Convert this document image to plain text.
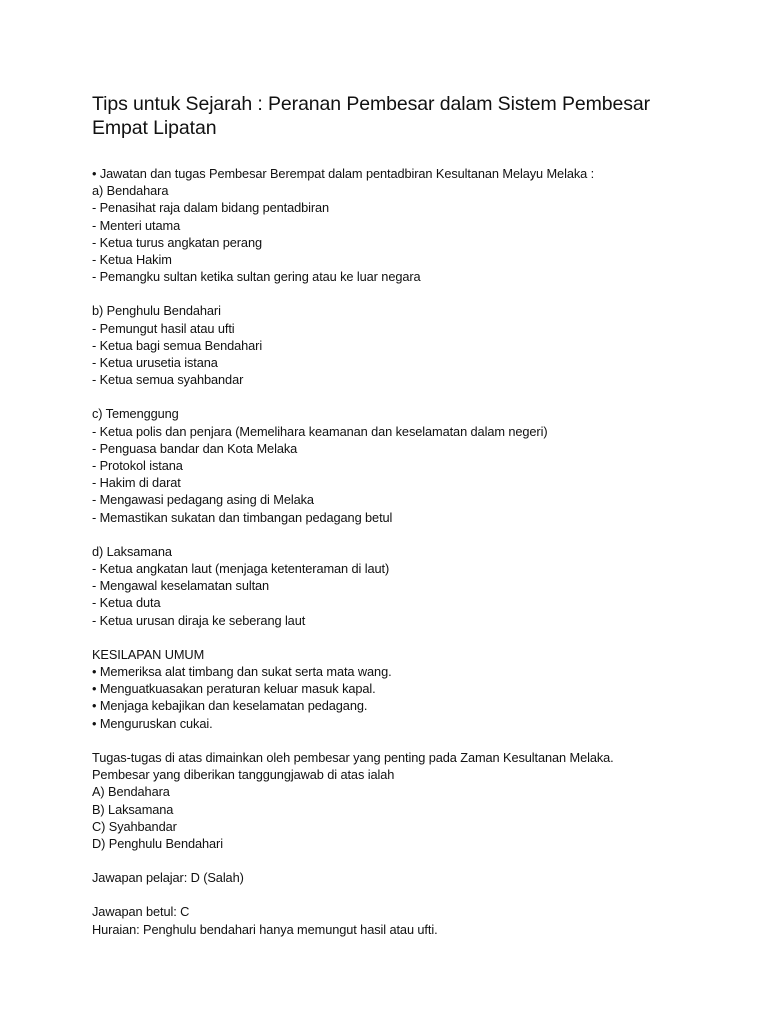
Tips untuk Sejarah : Peranan Pembesar dalam Sistem Pembesar
Empat Lipatan
• Jawatan dan tugas Pembesar Berempat dalam pentadbiran Kesultanan Melayu Melaka :
a) Bendahara
- Penasihat raja dalam bidang pentadbiran
- Menteri utama
- Ketua turus angkatan perang
- Ketua Hakim
- Pemangku sultan ketika sultan gering atau ke luar negara
b) Penghulu Bendahari
- Pemungut hasil atau ufti
- Ketua bagi semua Bendahari
- Ketua urusetia istana
- Ketua semua syahbandar
c) Temenggung
- Ketua polis dan penjara (Memelihara keamanan dan keselamatan dalam negeri)
- Penguasa bandar dan Kota Melaka
- Protokol istana
- Hakim di darat
- Mengawasi pedagang asing di Melaka
- Memastikan sukatan dan timbangan pedagang betul
d) Laksamana
- Ketua angkatan laut (menjaga ketenteraman di laut)
- Mengawal keselamatan sultan
- Ketua duta
- Ketua urusan diraja ke seberang laut
KESILAPAN UMUM
• Memeriksa alat timbang dan sukat serta mata wang.
• Menguatkuasakan peraturan keluar masuk kapal.
• Menjaga kebajikan dan keselamatan pedagang.
• Menguruskan cukai.
Tugas-tugas di atas dimainkan oleh pembesar yang penting pada Zaman Kesultanan Melaka.
Pembesar yang diberikan tanggungjawab di atas ialah
A) Bendahara
B) Laksamana
C) Syahbandar
D) Penghulu Bendahari
Jawapan pelajar: D (Salah)
Jawapan betul: C
Huraian: Penghulu bendahari hanya memungut hasil atau ufti.
